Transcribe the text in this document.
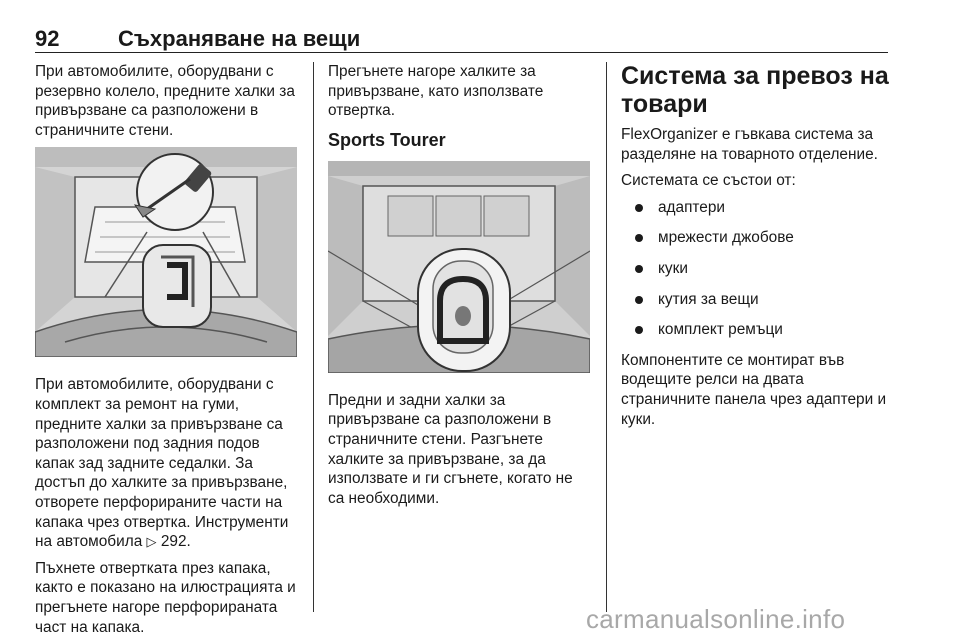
92	Съхраняване на вещи

При автомобилите, оборудвани с резервно колело, предните халки за привързване са разположени в страничните стени.

При автомобилите, оборудвани с комплект за ремонт на гуми, предните халки за привързване са разположени под задния подов капак зад задните седалки. За достъп до халките за привързване, отворете перфорираните части на капака чрез отвертка. Инструменти на автомобила ▷ 292.

Пъхнете отвертката през капака, както е показано на илюстрацията и прегънете нагоре перфорираната част на капака.

Прегънете нагоре халките за привързване, като използвате отвертка.

Sports Tourer

Предни и задни халки за привързване са разположени в страничните стени. Разгънете халките за привързване, за да използвате и ги сгънете, когато не са необходими.

Система за превоз на товари

FlexOrganizer е гъвкава система за разделяне на товарното отделение.

Системата се състои от:

адаптери
мрежести джобове
куки
кутия за вещи
комплект ремъци

Компонентите се монтират във водещите релси на двата страничните панела чрез адаптери и куки.

carmanualsonline.info
